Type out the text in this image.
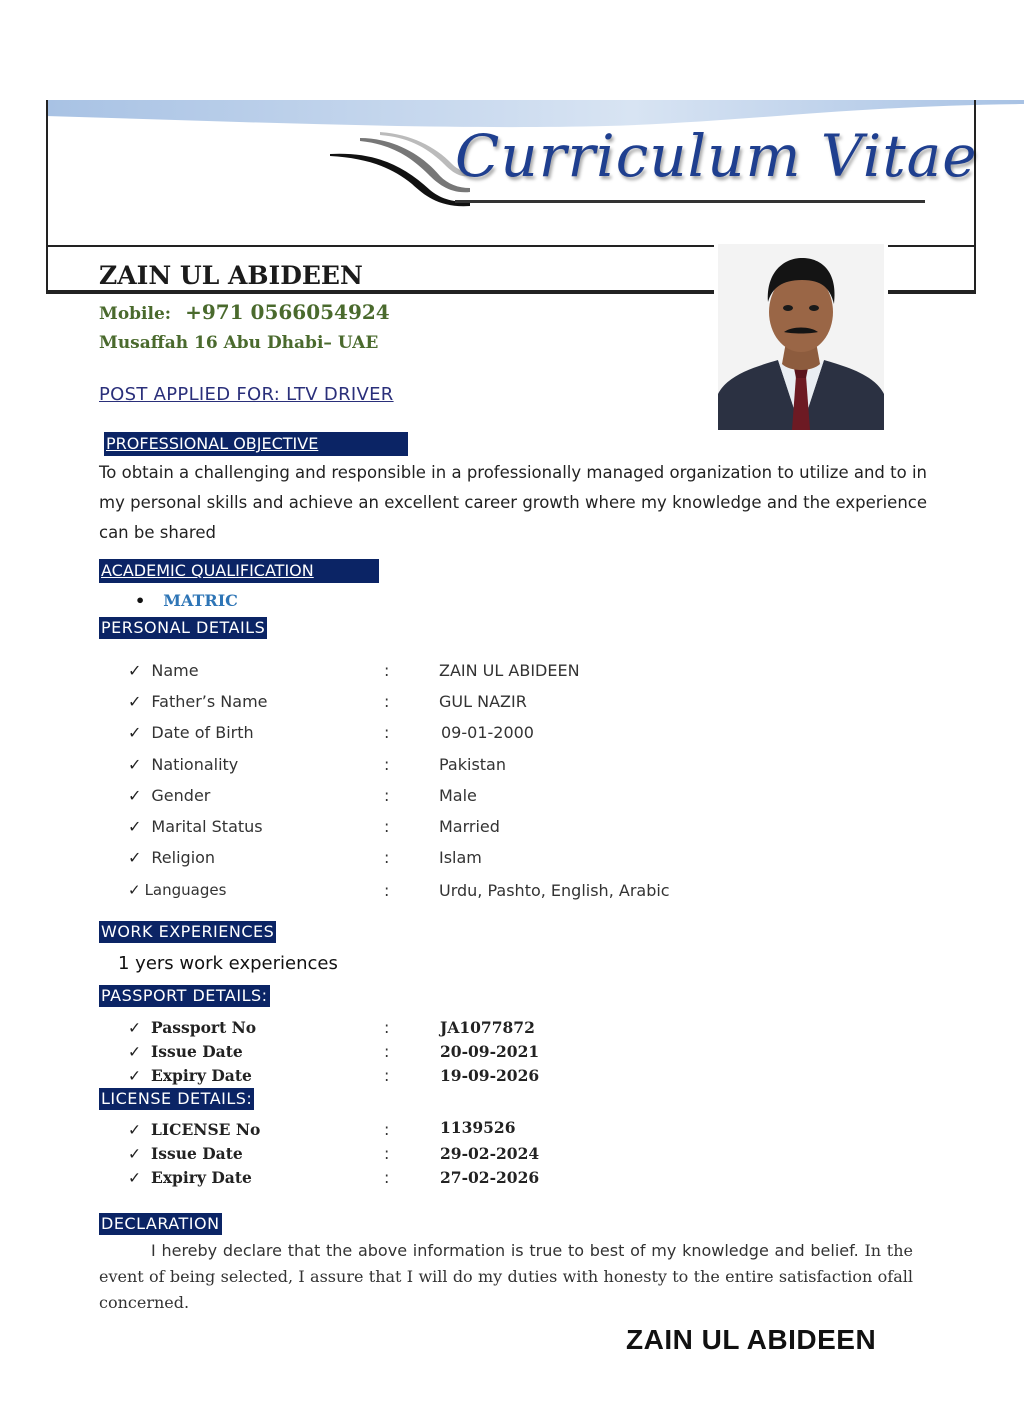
Curriculum Vitae
ZAIN UL ABIDEEN
Mobile: +971 0566054924
Musaffah 16 Abu Dhabi– UAE
POST APPLIED FOR: LTV DRIVER
PROFESSIONAL OBJECTIVE
To obtain a challenging and responsible in a professionally managed organization to utilize and to in my personal skills and achieve an excellent career growth where my knowledge and the experience can be shared
ACADEMIC QUALIFICATION
• MATRIC
PERSONAL DETAILS
✓ Name	:	ZAIN UL ABIDEEN
✓ Father’s Name	:	GUL NAZIR
✓ Date of Birth	:	09-01-2000
✓ Nationality	:	Pakistan
✓ Gender	:	Male
✓ Marital Status	:	Married
✓ Religion	:	Islam
✓ Languages	:	Urdu, Pashto, English, Arabic
WORK EXPERIENCES
1 yers work experiences
PASSPORT DETAILS:
✓ Passport No	:	JA1077872
✓ Issue Date	:	20-09-2021
✓ Expiry Date	:	19-09-2026
LICENSE DETAILS:
✓ LICENSE No	:	1139526
✓ Issue Date	:	29-02-2024
✓ Expiry Date	:	27-02-2026
DECLARATION
I hereby declare that the above information is true to best of my knowledge and belief. In the event of being selected, I assure that I will do my duties with honesty to the entire satisfaction ofall concerned.
ZAIN UL ABIDEEN
